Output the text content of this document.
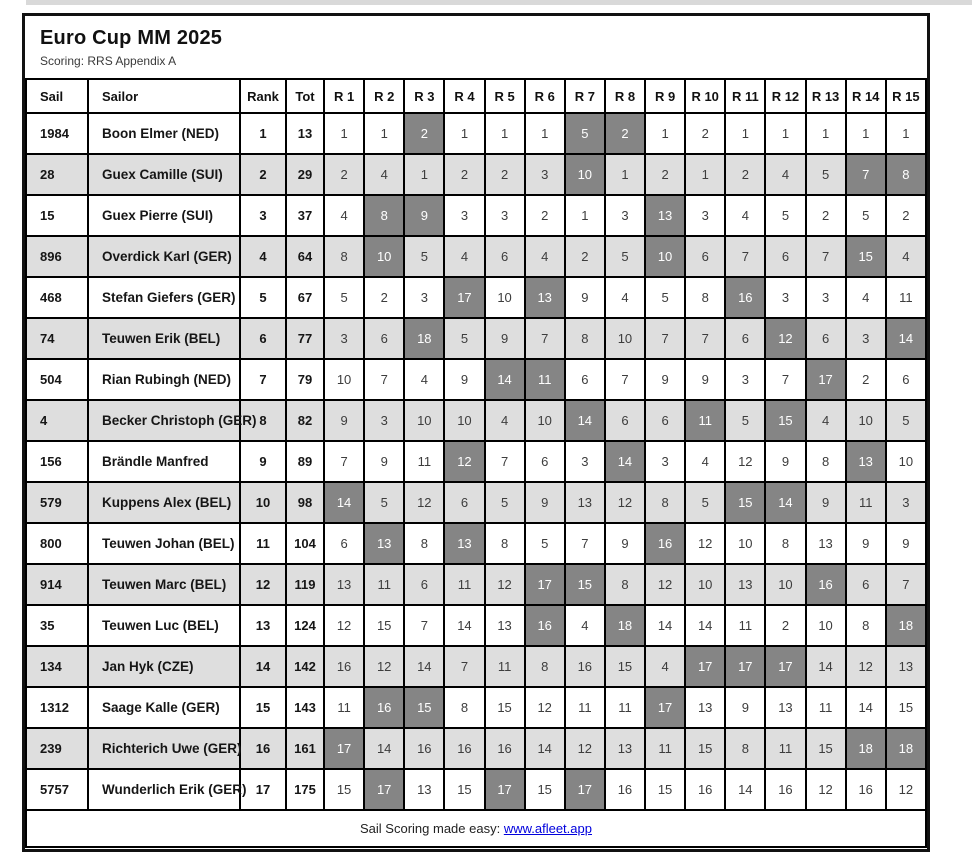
Euro Cup MM 2025
Scoring: RRS Appendix A
Sail	Sailor	Rank	Tot	R 1	R 2	R 3	R 4	R 5	R 6	R 7	R 8	R 9	R 10	R 11	R 12	R 13	R 14	R 15
1984	Boon Elmer (NED)	1	13	1	1	2	1	1	1	5	2	1	2	1	1	1	1	1
28	Guex Camille (SUI)	2	29	2	4	1	2	2	3	10	1	2	1	2	4	5	7	8
15	Guex Pierre (SUI)	3	37	4	8	9	3	3	2	1	3	13	3	4	5	2	5	2
896	Overdick Karl (GER)	4	64	8	10	5	4	6	4	2	5	10	6	7	6	7	15	4
468	Stefan Giefers (GER)	5	67	5	2	3	17	10	13	9	4	5	8	16	3	3	4	11
74	Teuwen Erik (BEL)	6	77	3	6	18	5	9	7	8	10	7	7	6	12	6	3	14
504	Rian Rubingh (NED)	7	79	10	7	4	9	14	11	6	7	9	9	3	7	17	2	6
4	Becker Christoph (GER)	8	82	9	3	10	10	4	10	14	6	6	11	5	15	4	10	5
156	Brändle Manfred	9	89	7	9	11	12	7	6	3	14	3	4	12	9	8	13	10
579	Kuppens Alex (BEL)	10	98	14	5	12	6	5	9	13	12	8	5	15	14	9	11	3
800	Teuwen Johan (BEL)	11	104	6	13	8	13	8	5	7	9	16	12	10	8	13	9	9
914	Teuwen Marc (BEL)	12	119	13	11	6	11	12	17	15	8	12	10	13	10	16	6	7
35	Teuwen Luc (BEL)	13	124	12	15	7	14	13	16	4	18	14	14	11	2	10	8	18
134	Jan Hyk (CZE)	14	142	16	12	14	7	11	8	16	15	4	17	17	17	14	12	13
1312	Saage Kalle (GER)	15	143	11	16	15	8	15	12	11	11	17	13	9	13	11	14	15
239	Richterich Uwe (GER)	16	161	17	14	16	16	16	14	12	13	11	15	8	11	15	18	18
5757	Wunderlich Erik (GER)	17	175	15	17	13	15	17	15	17	16	15	16	14	16	12	16	12
Sail Scoring made easy: www.afleet.app																		
